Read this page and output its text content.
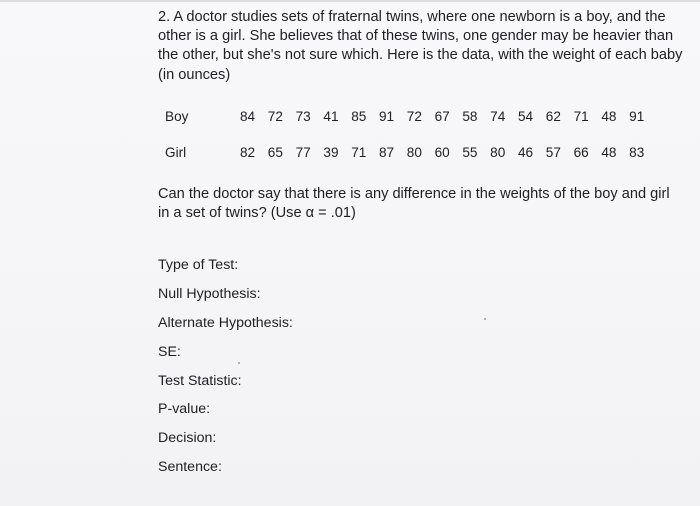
2. A doctor studies sets of fraternal twins, where one newborn is a boy, and the other is a girl. She believes that of these twins, one gender may be heavier than the other, but she's not sure which. Here is the data, with the weight of each baby (in ounces)
Boy	84 72 73 41 85 91 72 67 58 74 54 62 71 48 91
Girl	82 65 77 39 71 87 80 60 55 80 46 57 66 48 83
Can the doctor say that there is any difference in the weights of the boy and girl in a set of twins? (Use α = .01)
Type of Test:
Null Hypothesis:
Alternate Hypothesis:
SE:
Test Statistic:
P-value:
Decision:
Sentence:
